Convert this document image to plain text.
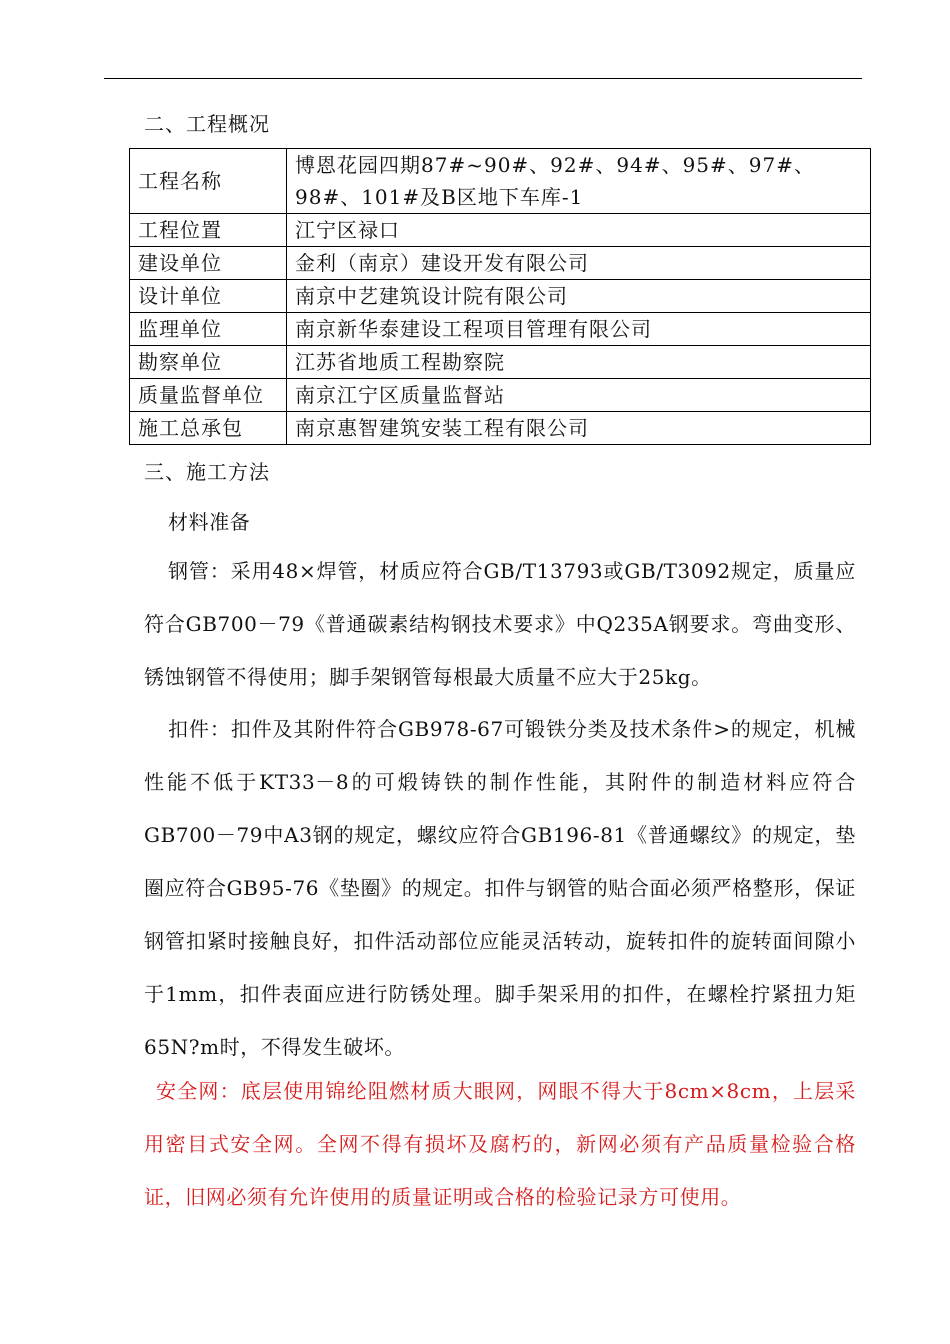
二、工程概况
工程名称	博恩花园四期87#~90#、92#、94#、95#、97#、98#、101#及B区地下车库-1
工程位置	江宁区禄口
建设单位	金利（南京）建设开发有限公司
设计单位	南京中艺建筑设计院有限公司
监理单位	南京新华泰建设工程项目管理有限公司
勘察单位	江苏省地质工程勘察院
质量监督单位	南京江宁区质量监督站
施工总承包	南京惠智建筑安装工程有限公司
三、施工方法
材料准备
钢管：采用48×焊管，材质应符合GB/T13793或GB/T3092规定，质量应符合GB700－79《普通碳素结构钢技术要求》中Q235A钢要求。弯曲变形、锈蚀钢管不得使用；脚手架钢管每根最大质量不应大于25kg。
扣件：扣件及其附件符合GB978-67可锻铁分类及技术条件>的规定，机械性能不低于KT33－8的可煅铸铁的制作性能，其附件的制造材料应符合GB700－79中A3钢的规定，螺纹应符合GB196-81《普通螺纹》的规定，垫圈应符合GB95-76《垫圈》的规定。扣件与钢管的贴合面必须严格整形，保证钢管扣紧时接触良好，扣件活动部位应能灵活转动，旋转扣件的旋转面间隙小于1mm，扣件表面应进行防锈处理。脚手架采用的扣件，在螺栓拧紧扭力矩65N?m时，不得发生破坏。
安全网：底层使用锦纶阻燃材质大眼网，网眼不得大于8cm×8cm，上层采用密目式安全网。全网不得有损坏及腐朽的，新网必须有产品质量检验合格证，旧网必须有允许使用的质量证明或合格的检验记录方可使用。
